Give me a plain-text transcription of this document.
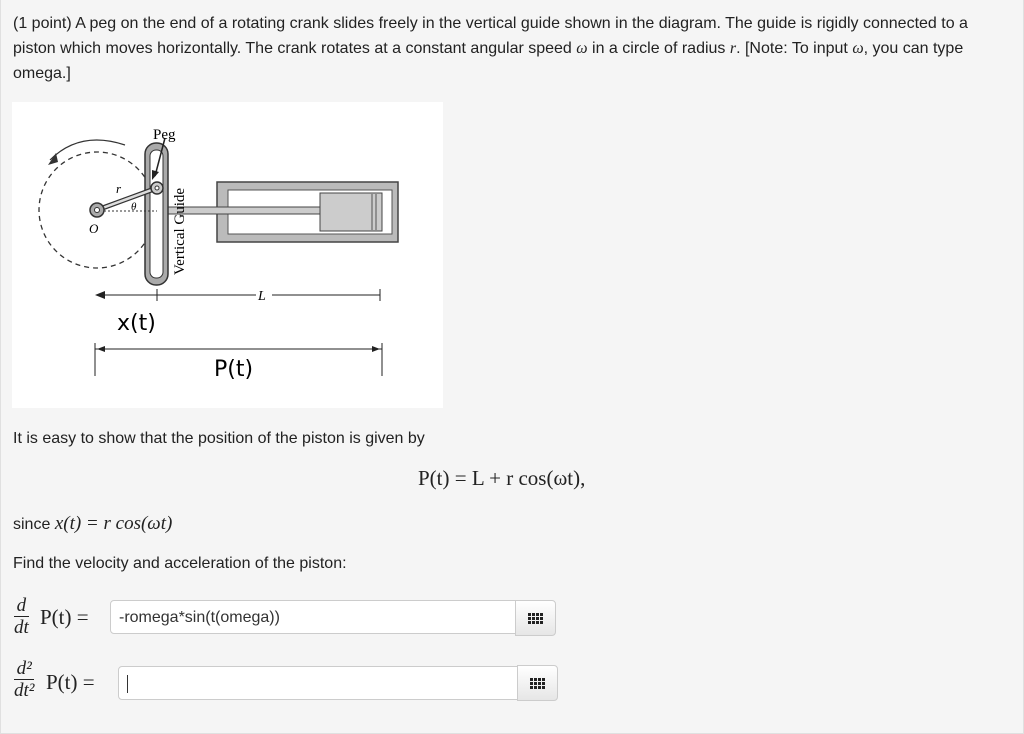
(1 point) A peg on the end of a rotating crank slides freely in the vertical guide shown in the diagram. The guide is rigidly connected to a piston which moves horizontally. The crank rotates at a constant angular speed ω in a circle of radius r. [Note: To input ω, you can type omega.]
Peg
Vertical Guide
r
θ
O
L
x(t)
P(t)
It is easy to show that the position of the piston is given by
P(t) = L + r cos(ωt),
since x(t) = r cos(ωt)
Find the velocity and acceleration of the piston:
$\frac{d}{dt} P(t)$ =	-romega*sin(t(omega))
$\frac{\text{d²}}{\text{dt²}} P(t)$ =
